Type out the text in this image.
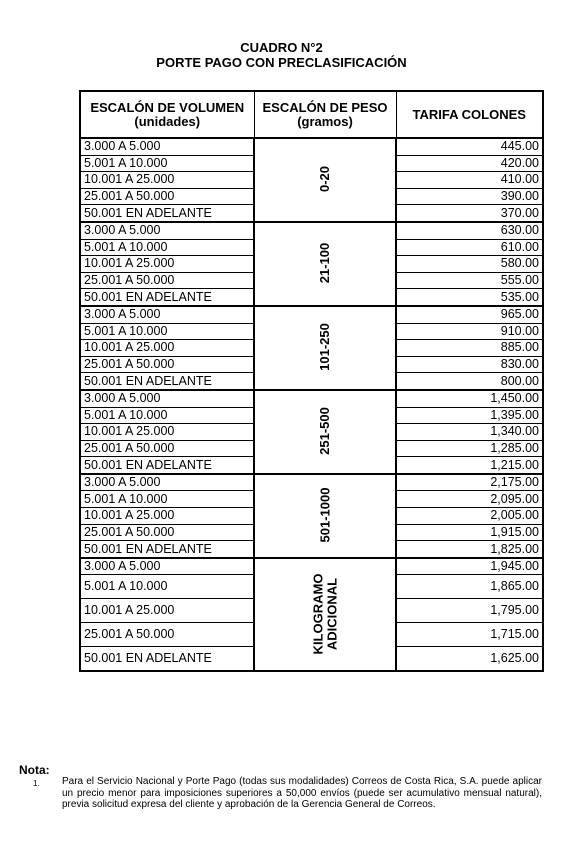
CUADRO N°2
PORTE PAGO CON PRECLASIFICACIÓN
ESCALÓN DE VOLUMEN (unidades)	ESCALÓN DE PESO (gramos)	TARIFA COLONES
3.000 A 5.000	0-20	445.00
5.001 A 10.000		420.00
10.001 A 25.000		410.00
25.001 A 50.000		390.00
50.001 EN ADELANTE		370.00
3.000 A 5.000	21-100	630.00
5.001 A 10.000		610.00
10.001 A 25.000		580.00
25.001 A 50.000		555.00
50.001 EN ADELANTE		535.00
3.000 A 5.000	101-250	965.00
5.001 A 10.000		910.00
10.001 A 25.000		885.00
25.001 A 50.000		830.00
50.001 EN ADELANTE		800.00
3.000 A 5.000	251-500	1,450.00
5.001 A 10.000		1,395.00
10.001 A 25.000		1,340.00
25.001 A 50.000		1,285.00
50.001 EN ADELANTE		1,215.00
3.000 A 5.000	501-1000	2,175.00
5.001 A 10.000		2,095.00
10.001 A 25.000		2,005.00
25.001 A 50.000		1,915.00
50.001 EN ADELANTE		1,825.00
3.000 A 5.000	KILOGRAMO ADICIONAL	1,945.00
5.001 A 10.000		1,865.00
10.001 A 25.000		1,795.00
25.001 A 50.000		1,715.00
50.001 EN ADELANTE		1,625.00
Nota:
1. Para el Servicio Nacional y Porte Pago (todas sus modalidades) Correos de Costa Rica, S.A. puede aplicar un precio menor para imposiciones superiores a 50,000 envíos (puede ser acumulativo mensual natural), previa solicitud expresa del cliente y aprobación de la Gerencia General de Correos.
